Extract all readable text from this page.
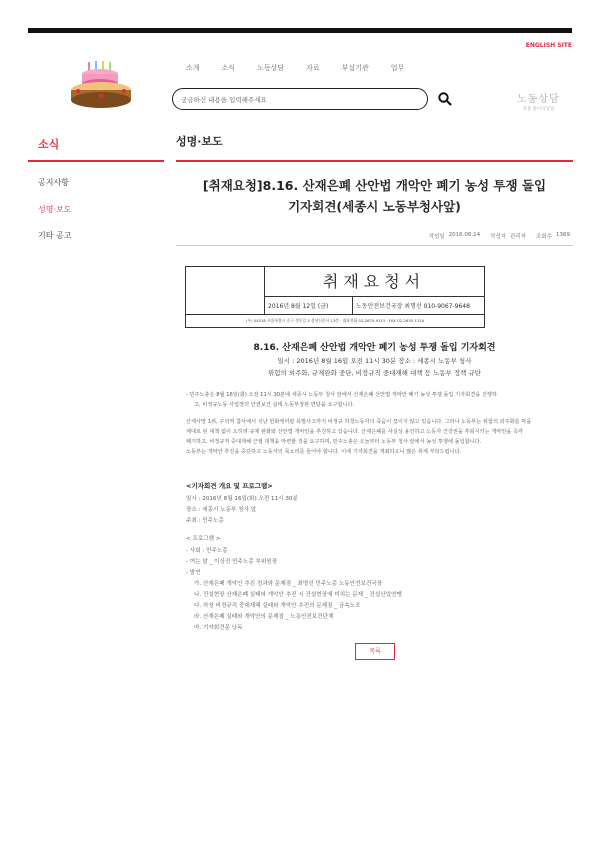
ENGLISH SITE
소개	소식	노동상담	자료	부설기관	업무
궁금하신 내용을 입력해주세요	노동상담
직종 불이익상담
소식
공지사항
성명·보도
기타 공고
성명·보도
[취재요청]8.16. 산재은폐 산안법 개악안 폐기 농성 투쟁 돌입
기자회견(세종시 노동부청사앞)
작성일 2016.08.14 작성자 관리자 조회수 1369
취재요청서
2016년 8월 12일 (금)	노동안전보건국장 최명선 010-9067-9648
(우) 04518 서울특별시 중구 정동길 3 경향신문사 13층 · 대표전화 02-2670-9115 · FAX 02-2635-1134
8.16. 산재은폐 산안법 개악안 폐기 농성 투쟁 돌입 기자회견
일시 : 2016년 8월 16일 오전 11시 30분 장소 : 세종시 노동부 청사
위험의 외주화, 규제완화 중단, 비정규직 중대재해 대책 등 노동부 정책 규탄
- 민주노총은 8월 16일(화) 오전 11시 30분에 세종시 노동부 청사 앞에서 산재은폐 산안법 개악안 폐기 농성 투쟁 돌입 기자회견을 진행하
고, 비정규노동 사업장의 안전보건 실태 노동부장관 면담을 요구합니다.
산재사망 1위, 구의역 참사에서 지난 한화케미칼 폭발사고까지 비정규 하청노동자의 죽음이 끊이지 않고 있습니다. 그러나 노동부는 위험의 외주화를 막을
제대로 된 대책 없이 오히려 규제 완화와 산안법 개악안을 추진하고 있습니다. 산재은폐를 사실상 용인하고 노동자 건강권을 후퇴시키는 개악안을 즉각
폐기하고, 비정규직 중대재해 근절 대책을 마련할 것을 요구하며, 민주노총은 오늘부터 노동부 청사 앞에서 농성 투쟁에 돌입합니다.
노동부는 개악안 추진을 중단하고 노동자의 목소리를 들어야 합니다. 이에 기자회견을 개최하오니 많은 취재 부탁드립니다.
<기자회견 개요 및 프로그램>
일시 : 2016년 8월 16일(화) 오전 11시 30분
장소 : 세종시 노동부 청사 앞
주최 : 민주노총
< 프로그램 >
- 사회 : 민주노총
- 여는 말 _ 이상진 민주노총 부위원장
- 발언
가. 산재은폐 개악안 추진 경과와 문제점 _ 최명선 민주노총 노동안전보건국장
나. 건설현장 산재은폐 실태와 개악안 추진 시 건설현장에 미치는 문제 _ 건설산업연맹
다. 하청 비정규직 중대재해 실태와 개악안 추진의 문제점 _ 금속노조
라. 산재은폐 실태와 개악안의 문제점 _ 노동안전보건단체
마. 기자회견문 낭독
목록
